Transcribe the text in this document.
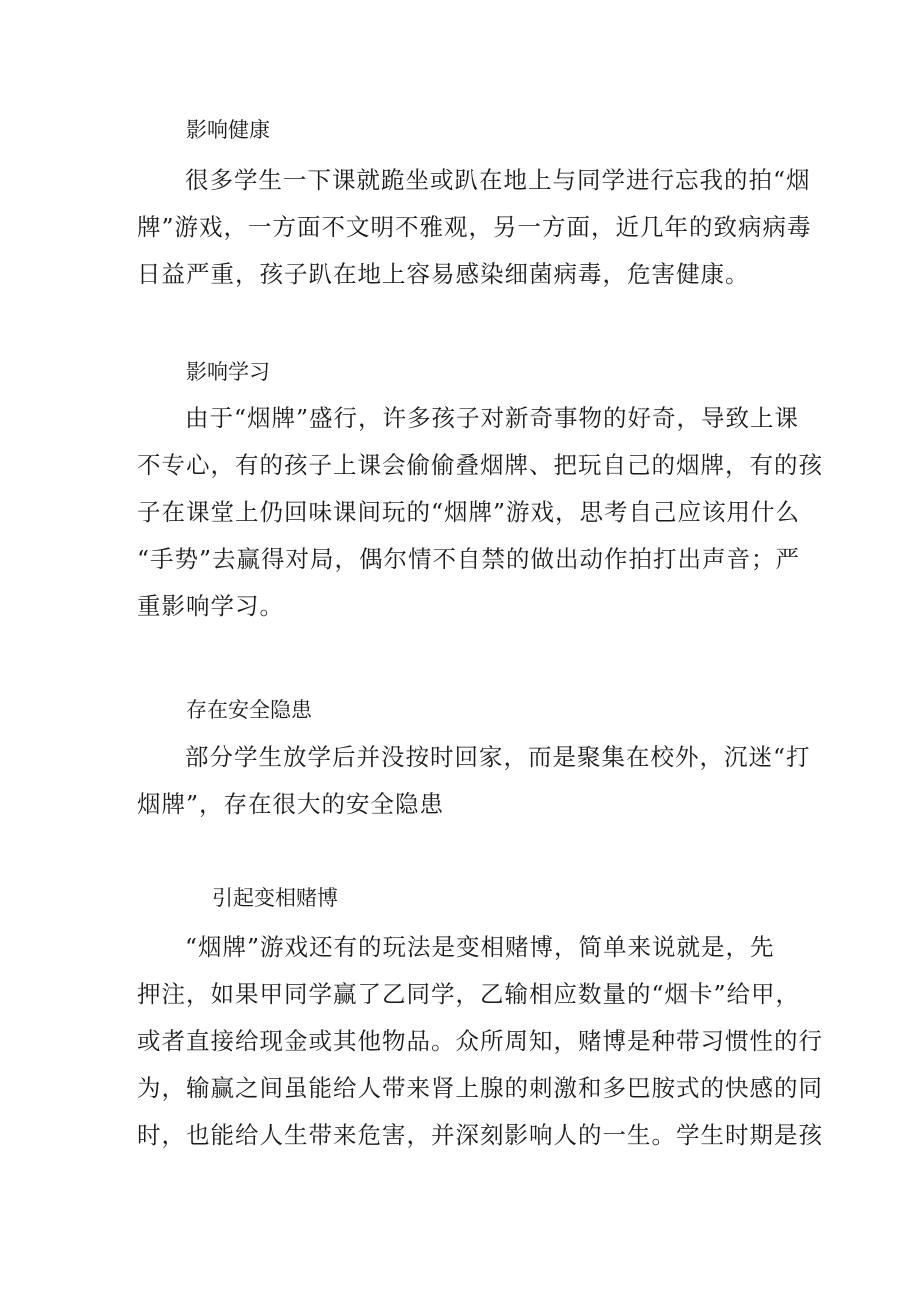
影响健康
很多学生一下课就跪坐或趴在地上与同学进行忘我的拍“烟
牌”游戏，一方面不文明不雅观，另一方面，近几年的致病病毒
日益严重，孩子趴在地上容易感染细菌病毒，危害健康。
影响学习
由于“烟牌”盛行，许多孩子对新奇事物的好奇，导致上课
不专心，有的孩子上课会偷偷叠烟牌、把玩自己的烟牌，有的孩
子在课堂上仍回味课间玩的“烟牌”游戏，思考自己应该用什么
“手势”去赢得对局，偶尔情不自禁的做出动作拍打出声音；严
重影响学习。
存在安全隐患
部分学生放学后并没按时回家，而是聚集在校外，沉迷“打
烟牌”，存在很大的安全隐患
引起变相赌博
“烟牌”游戏还有的玩法是变相赌博，简单来说就是，先
押注，如果甲同学赢了乙同学，乙输相应数量的“烟卡”给甲，
或者直接给现金或其他物品。众所周知，赌博是种带习惯性的行
为，输赢之间虽能给人带来肾上腺的刺激和多巴胺式的快感的同
时，也能给人生带来危害，并深刻影响人的一生。学生时期是孩
